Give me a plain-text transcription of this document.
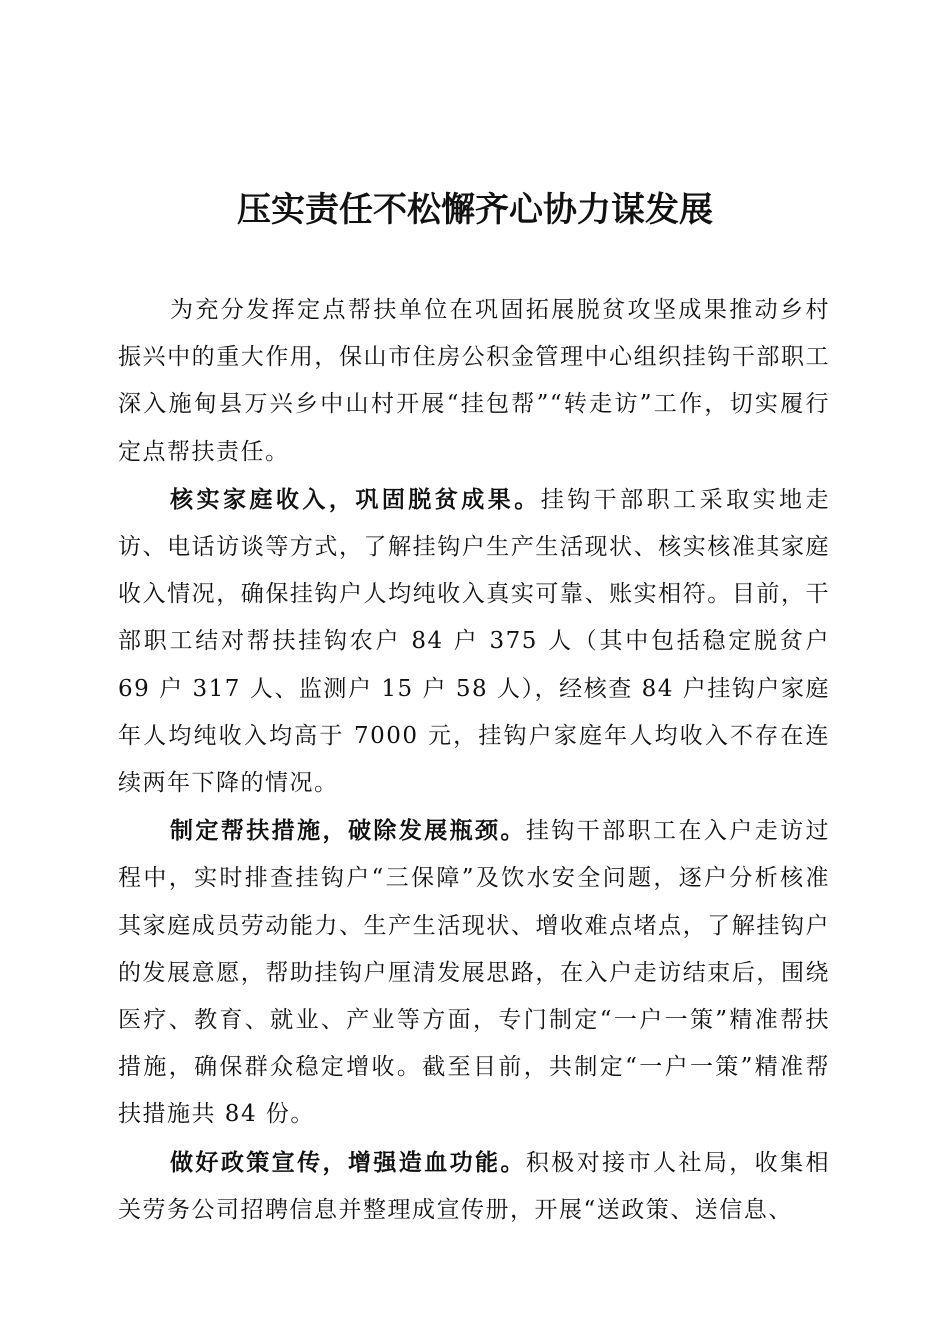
压实责任不松懈齐心协力谋发展

为充分发挥定点帮扶单位在巩固拓展脱贫攻坚成果推动乡村振兴中的重大作用，保山市住房公积金管理中心组织挂钩干部职工深入施甸县万兴乡中山村开展“挂包帮”“转走访”工作，切实履行定点帮扶责任。

核实家庭收入，巩固脱贫成果。挂钩干部职工采取实地走访、电话访谈等方式，了解挂钩户生产生活现状、核实核准其家庭收入情况，确保挂钩户人均纯收入真实可靠、账实相符。目前，干部职工结对帮扶挂钩农户 84 户 375 人（其中包括稳定脱贫户 69 户 317 人、监测户 15 户 58 人），经核查 84 户挂钩户家庭年人均纯收入均高于 7000 元，挂钩户家庭年人均收入不存在连续两年下降的情况。

制定帮扶措施，破除发展瓶颈。挂钩干部职工在入户走访过程中，实时排查挂钩户“三保障”及饮水安全问题，逐户分析核准其家庭成员劳动能力、生产生活现状、增收难点堵点，了解挂钩户的发展意愿，帮助挂钩户厘清发展思路，在入户走访结束后，围绕医疗、教育、就业、产业等方面，专门制定“一户一策”精准帮扶措施，确保群众稳定增收。截至目前，共制定“一户一策”精准帮扶措施共 84 份。

做好政策宣传，增强造血功能。积极对接市人社局，收集相关劳务公司招聘信息并整理成宣传册，开展“送政策、送信息、
